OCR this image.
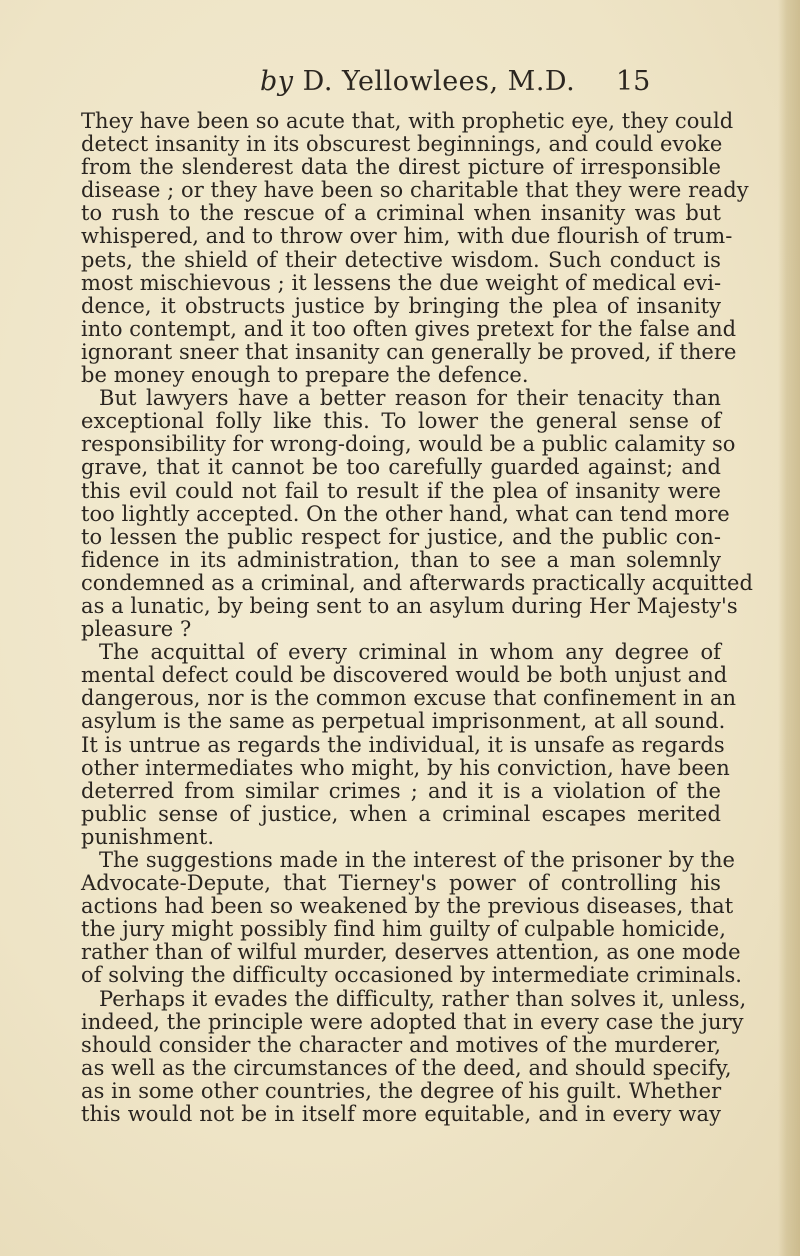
by D. Yellowlees, M.D. 15
They have been so acute that, with prophetic eye, they could
detect insanity in its obscurest beginnings, and could evoke
from the slenderest data the direst picture of irresponsible
disease ; or they have been so charitable that they were ready
to rush to the rescue of a criminal when insanity was but
whispered, and to throw over him, with due flourish of trum-
pets, the shield of their detective wisdom. Such conduct is
most mischievous ; it lessens the due weight of medical evi-
dence, it obstructs justice by bringing the plea of insanity
into contempt, and it too often gives pretext for the false and
ignorant sneer that insanity can generally be proved, if there
be money enough to prepare the defence.
But lawyers have a better reason for their tenacity than
exceptional folly like this. To lower the general sense of
responsibility for wrong-doing, would be a public calamity so
grave, that it cannot be too carefully guarded against; and
this evil could not fail to result if the plea of insanity were
too lightly accepted. On the other hand, what can tend more
to lessen the public respect for justice, and the public con-
fidence in its administration, than to see a man solemnly
condemned as a criminal, and afterwards practically acquitted
as a lunatic, by being sent to an asylum during Her Majesty's
pleasure ?
The acquittal of every criminal in whom any degree of
mental defect could be discovered would be both unjust and
dangerous, nor is the common excuse that confinement in an
asylum is the same as perpetual imprisonment, at all sound.
It is untrue as regards the individual, it is unsafe as regards
other intermediates who might, by his conviction, have been
deterred from similar crimes ; and it is a violation of the
public sense of justice, when a criminal escapes merited
punishment.
The suggestions made in the interest of the prisoner by the
Advocate-Depute, that Tierney's power of controlling his
actions had been so weakened by the previous diseases, that
the jury might possibly find him guilty of culpable homicide,
rather than of wilful murder, deserves attention, as one mode
of solving the difficulty occasioned by intermediate criminals.
Perhaps it evades the difficulty, rather than solves it, unless,
indeed, the principle were adopted that in every case the jury
should consider the character and motives of the murderer,
as well as the circumstances of the deed, and should specify,
as in some other countries, the degree of his guilt. Whether
this would not be in itself more equitable, and in every way
